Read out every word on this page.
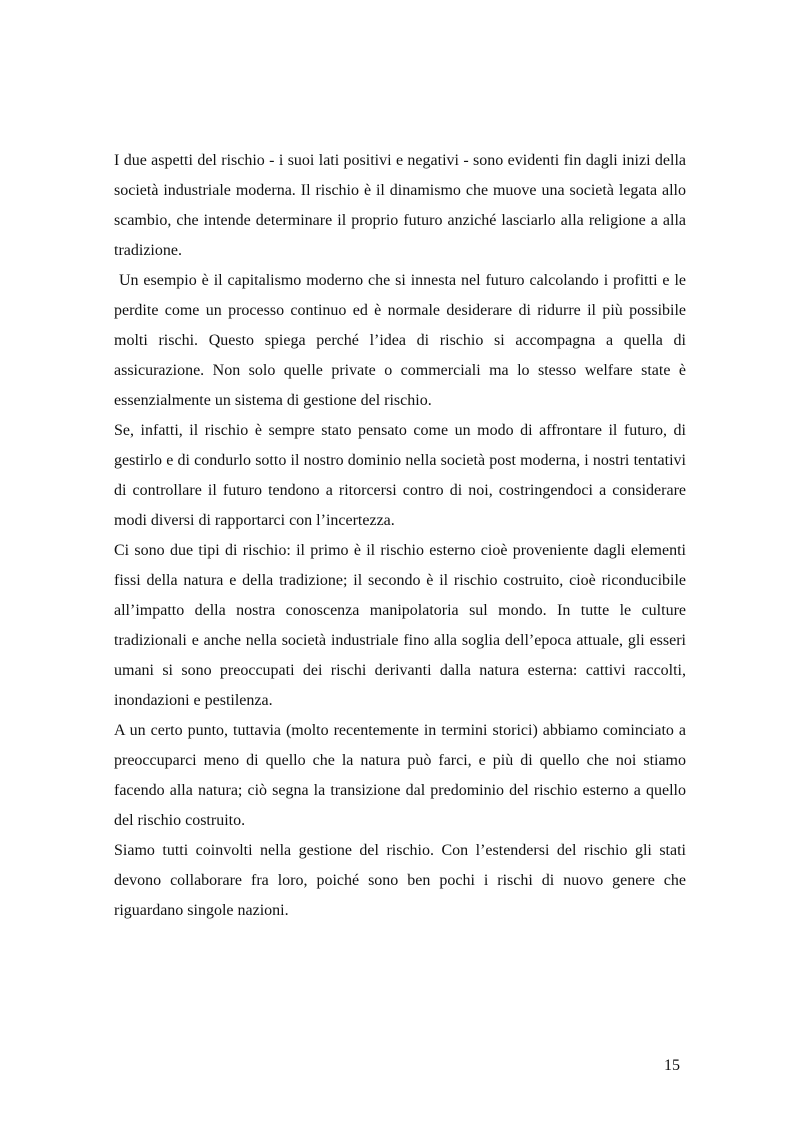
I due aspetti del rischio - i suoi lati positivi e negativi - sono evidenti fin dagli inizi della società industriale moderna. Il rischio è il dinamismo che muove una società legata allo scambio, che intende determinare il proprio futuro anziché lasciarlo alla religione a alla tradizione.

Un esempio è il capitalismo moderno che si innesta nel futuro calcolando i profitti e le perdite come un processo continuo ed è normale desiderare di ridurre il più possibile molti rischi. Questo spiega perché l’idea di rischio si accompagna a quella di assicurazione. Non solo quelle private o commerciali ma lo stesso welfare state è essenzialmente un sistema di gestione del rischio.

Se, infatti, il rischio è sempre stato pensato come un modo di affrontare il futuro, di gestirlo e di condurlo sotto il nostro dominio nella società post moderna, i nostri tentativi di controllare il futuro tendono a ritorcersi contro di noi, costringendoci a considerare modi diversi di rapportarci con l’incertezza.

Ci sono due tipi di rischio: il primo è il rischio esterno cioè proveniente dagli elementi fissi della natura e della tradizione; il secondo è il rischio costruito, cioè riconducibile all’impatto della nostra conoscenza manipolatoria sul mondo. In tutte le culture tradizionali e anche nella società industriale fino alla soglia dell’epoca attuale, gli esseri umani si sono preoccupati dei rischi derivanti dalla natura esterna: cattivi raccolti, inondazioni e pestilenza.

A un certo punto, tuttavia (molto recentemente in termini storici) abbiamo cominciato a preoccuparci meno di quello che la natura può farci, e più di quello che noi stiamo facendo alla natura; ciò segna la transizione dal predominio del rischio esterno a quello del rischio costruito.

Siamo tutti coinvolti nella gestione del rischio. Con l’estendersi del rischio gli stati devono collaborare fra loro, poiché sono ben pochi i rischi di nuovo genere che riguardano singole nazioni.

15
